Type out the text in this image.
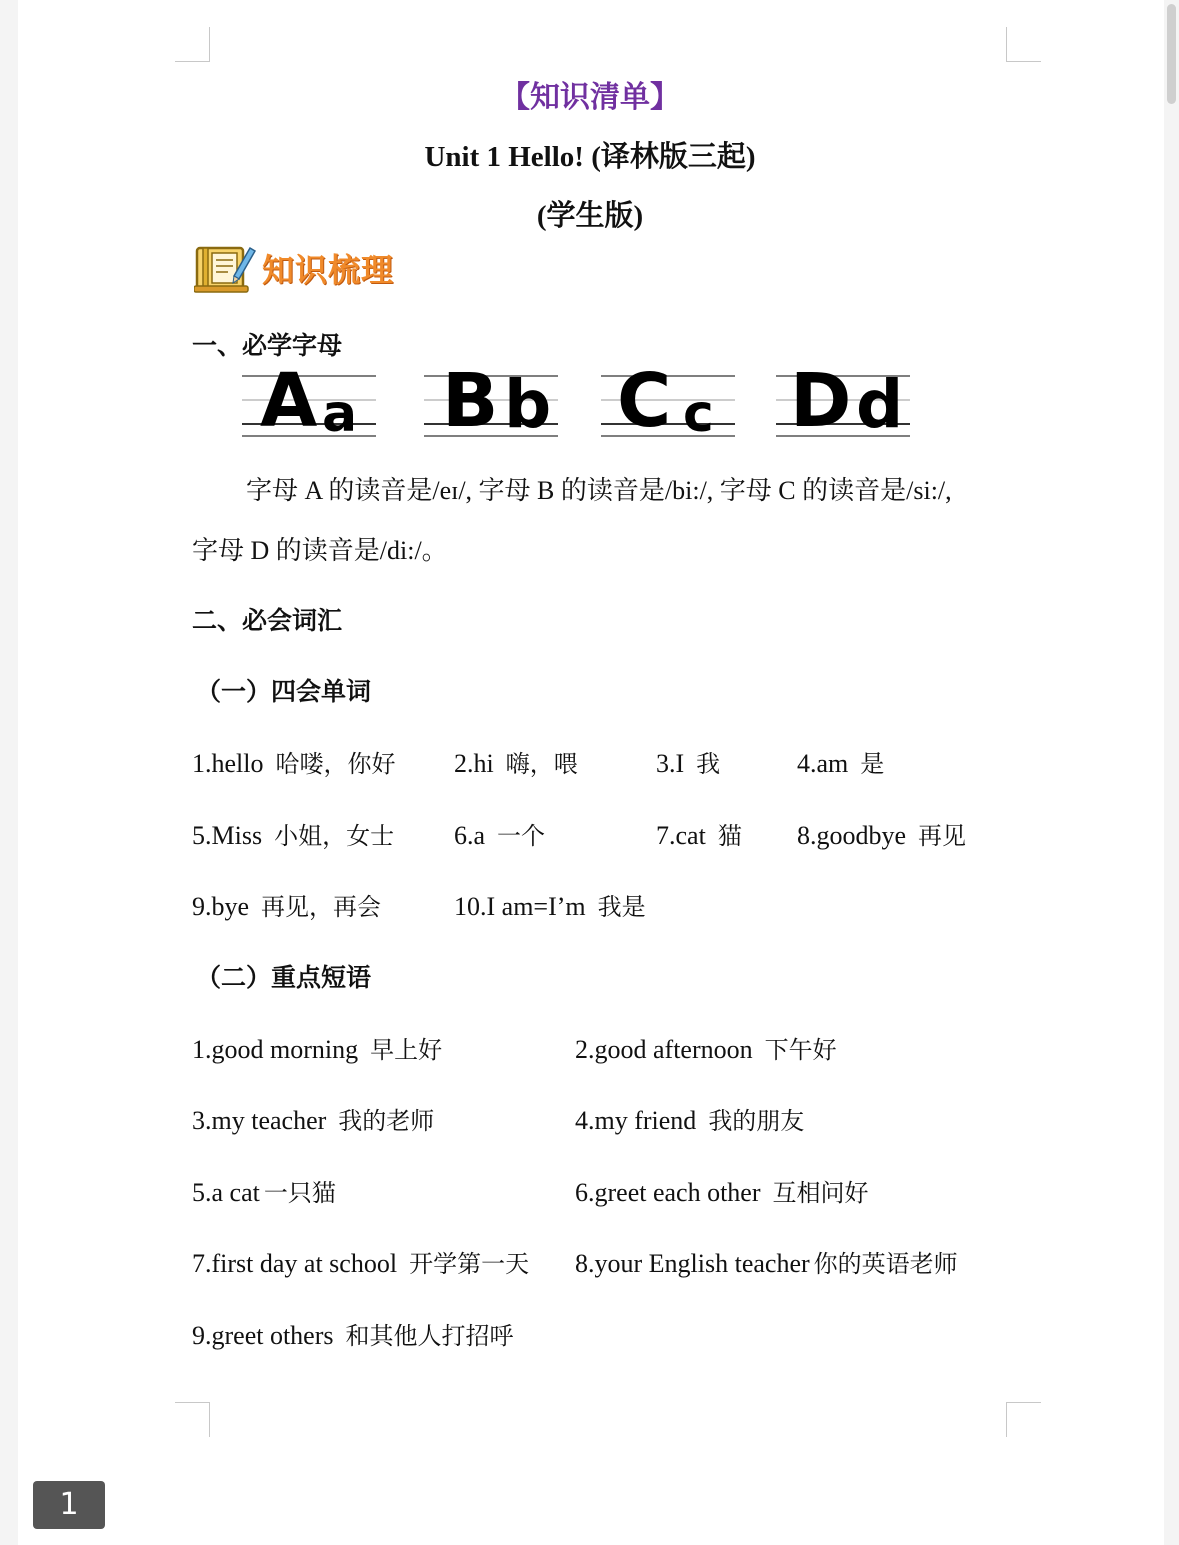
【知识清单】
Unit 1 Hello! (译林版三起)
(学生版)
知识梳理
一、必学字母
A a B b C c D d
字母 A 的读音是/eɪ/, 字母 B 的读音是/bi:/, 字母 C 的读音是/si:/,
字母 D 的读音是/di:/。
二、必会词汇
（一）四会单词
1.hello 哈喽，你好 2.hi 嗨，喂	3.I 我	4.am 是
5.Miss 小姐，女士 6.a 一个	7.cat 猫 8.goodbye 再见
9.bye 再见，再会	10.I am=I’m 我是
（二）重点短语
1.good morning 早上好	2.good afternoon 下午好
3.my teacher 我的老师	4.my friend 我的朋友
5.a cat 一只猫	6.greet each other 互相问好
7.first day at school 开学第一天 8.your English teacher 你的英语老师
9.greet others 和其他人打招呼
1
